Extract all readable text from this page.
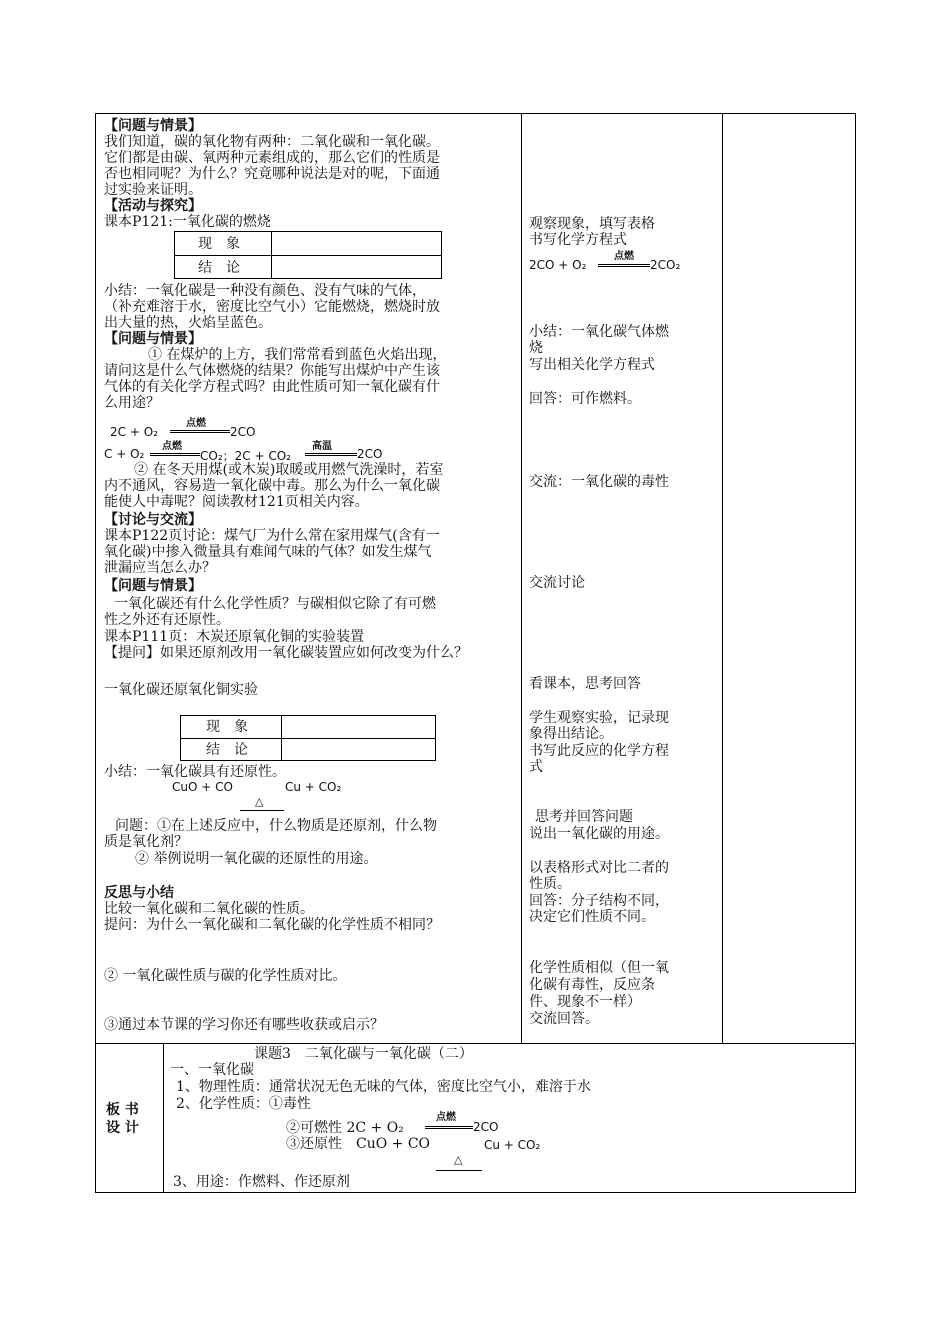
【问题与情景】
我们知道，碳的氧化物有两种：二氧化碳和一氧化碳。
它们都是由碳、氧两种元素组成的，那么它们的性质是
否也相同呢？为什么？究竟哪种说法是对的呢，下面通
过实验来证明。
【活动与探究】
课本P121:一氧化碳的燃烧
现　象
结　论
小结：一氧化碳是一种没有颜色、没有气味的气体，
（补充难溶于水，密度比空气小）它能燃烧，燃烧时放
出大量的热，火焰呈蓝色。
【问题与情景】
① 在煤炉的上方，我们常常看到蓝色火焰出现，
请问这是什么气体燃烧的结果？你能写出煤炉中产生该
气体的有关化学方程式吗？由此性质可知一氧化碳有什
么用途？
2C + O₂
点燃
2CO
C + O₂
点燃
CO₂；2C + CO₂
高温
2CO
② 在冬天用煤(或木炭)取暖或用燃气洗澡时，若室
内不通风，容易造一氧化碳中毒。那么为什么一氧化碳
能使人中毒呢？阅读教材121页相关内容。
【讨论与交流】
课本P122页讨论：煤气厂为什么常在家用煤气(含有一
氧化碳)中掺入微量具有难闻气味的气体？如发生煤气
泄漏应当怎么办？
【问题与情景】
一氧化碳还有什么化学性质？与碳相似它除了有可燃
性之外还有还原性。
课本P111页：木炭还原氧化铜的实验装置
【提问】如果还原剂改用一氧化碳装置应如何改变为什么？
一氧化碳还原氧化铜实验
现　象
结　论
小结：一氧化碳具有还原性。
CuO + CO	Cu + CO₂
△
问题：①在上述反应中，什么物质是还原剂，什么物
质是氧化剂？
② 举例说明一氧化碳的还原性的用途。
反思与小结
比较一氧化碳和二氧化碳的性质。
提问：为什么一氧化碳和二氧化碳的化学性质不相同？
② 一氧化碳性质与碳的化学性质对比。
③通过本节课的学习你还有哪些收获或启示？
观察现象，填写表格
书写化学方程式
2CO + O₂
点燃
2CO₂
小结：一氧化碳气体燃
烧
写出相关化学方程式
回答：可作燃料。
交流：一氧化碳的毒性
交流讨论
看课本，思考回答
学生观察实验，记录现
象得出结论。
书写此反应的化学方程
式
思考并回答问题
说出一氧化碳的用途。
以表格形式对比二者的
性质。
回答：分子结构不同，
决定它们性质不同。
化学性质相似（但一氧
化碳有毒性，反应条
件、现象不一样）
交流回答。
板 书
设 计
课题3　二氧化碳与一氧化碳（二）
一、一氧化碳
1、物理性质：通常状况无色无味的气体，密度比空气小，难溶于水
2、化学性质：①毒性
②可燃性 2C + O₂
点燃
2CO
③还原性　CuO + CO	Cu + CO₂
△
3、用途：作燃料、作还原剂
